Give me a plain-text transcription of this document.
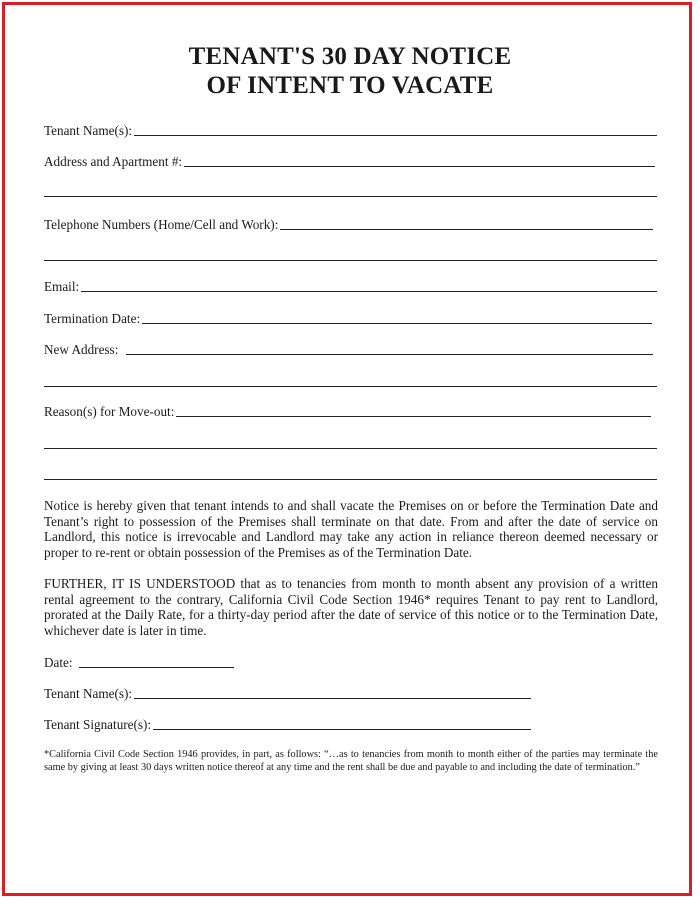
TENANT'S 30 DAY NOTICE
OF INTENT TO VACATE
Tenant Name(s):
Address and Apartment #:
Telephone Numbers (Home/Cell and Work):
Email:
Termination Date:
New Address:
Reason(s) for Move-out:

Notice is hereby given that tenant intends to and shall vacate the Premises on or before the Termination Date and Tenant’s right to possession of the Premises shall terminate on that date. From and after the date of service on Landlord, this notice is irrevocable and Landlord may take any action in reliance thereon deemed necessary or proper to re-rent or obtain possession of the Premises as of the Termination Date.

FURTHER, IT IS UNDERSTOOD that as to tenancies from month to month absent any provision of a written rental agreement to the contrary, California Civil Code Section 1946* requires Tenant to pay rent to Landlord, prorated at the Daily Rate, for a thirty-day period after the date of service of this notice or to the Termination Date, whichever date is later in time.

Date:
Tenant Name(s):
Tenant Signature(s):

*California Civil Code Section 1946 provides, in part, as follows: “…as to tenancies from month to month either of the parties may terminate the same by giving at least 30 days written notice thereof at any time and the rent shall be due and payable to and including the date of termination.”
